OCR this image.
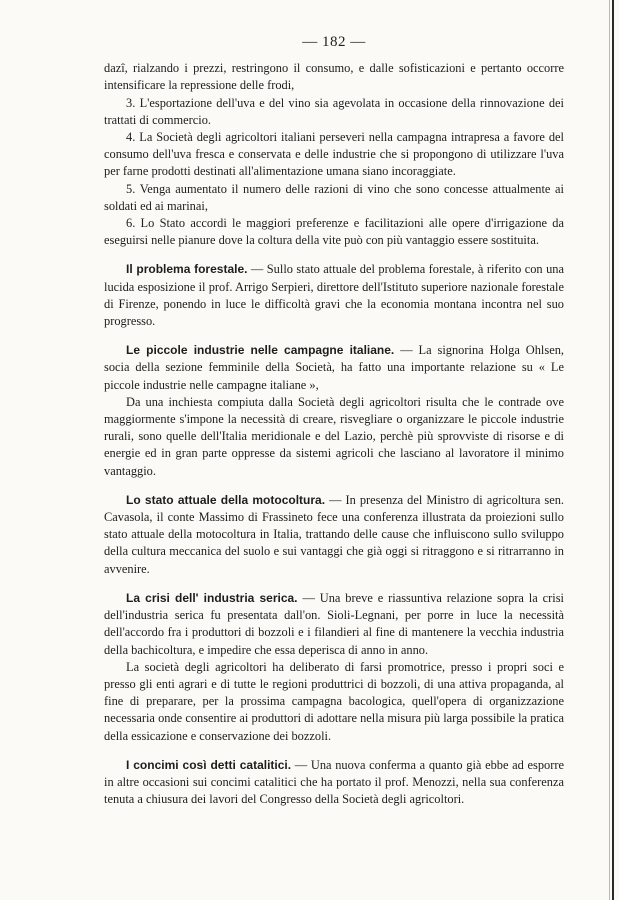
— 182 —

dazî, rialzando i prezzi, restringono il consumo, e dalle sofisticazioni e pertanto occorre intensificare la repressione delle frodi,

3. L'esportazione dell'uva e del vino sia agevolata in occasione della rinnovazione dei trattati di commercio.

4. La Società degli agricoltori italiani perseveri nella campagna intrapresa a favore del consumo dell'uva fresca e conservata e delle industrie che si propongono di utilizzare l'uva per farne prodotti destinati all'alimentazione umana siano incoraggiate.

5. Venga aumentato il numero delle razioni di vino che sono concesse attualmente ai soldati ed ai marinai,

6. Lo Stato accordi le maggiori preferenze e facilitazioni alle opere d'irrigazione da eseguirsi nelle pianure dove la coltura della vite può con più vantaggio essere sostituita.

Il problema forestale. — Sullo stato attuale del problema forestale, à riferito con una lucida esposizione il prof. Arrigo Serpieri, direttore dell'Istituto superiore nazionale forestale di Firenze, ponendo in luce le difficoltà gravi che la economia montana incontra nel suo progresso.

Le piccole industrie nelle campagne italiane. — La signorina Holga Ohlsen, socia della sezione femminile della Società, ha fatto una importante relazione su « Le piccole industrie nelle campagne italiane »,

Da una inchiesta compiuta dalla Società degli agricoltori risulta che le contrade ove maggiormente s'impone la necessità di creare, risvegliare o organizzare le piccole industrie rurali, sono quelle dell'Italia meridionale e del Lazio, perchè più sprovviste di risorse e di energie ed in gran parte oppresse da sistemi agricoli che lasciano al lavoratore il minimo vantaggio.

Lo stato attuale della motocoltura. — In presenza del Ministro di agricoltura sen. Cavasola, il conte Massimo di Frassineto fece una conferenza illustrata da proiezioni sullo stato attuale della motocoltura in Italia, trattando delle cause che influiscono sullo sviluppo della cultura meccanica del suolo e sui vantaggi che già oggi si ritraggono e si ritrarranno in avvenire.

La crisi dell' industria serica. — Una breve e riassuntiva relazione sopra la crisi dell'industria serica fu presentata dall'on. Sioli-Legnani, per porre in luce la necessità dell'accordo fra i produttori di bozzoli e i filandieri al fine di mantenere la vecchia industria della bachicoltura, e impedire che essa deperisca di anno in anno.

La società degli agricoltori ha deliberato di farsi promotrice, presso i propri soci e presso gli enti agrari e di tutte le regioni produttrici di bozzoli, di una attiva propaganda, al fine di preparare, per la prossima campagna bacologica, quell'opera di organizzazione necessaria onde consentire ai produttori di adottare nella misura più larga possibile la pratica della essicazione e conservazione dei bozzoli.

I concimi così detti catalitici. — Una nuova conferma a quanto già ebbe ad esporre in altre occasioni sui concimi catalitici che ha portato il prof. Menozzi, nella sua conferenza tenuta a chiusura dei lavori del Congresso della Società degli agricoltori.
